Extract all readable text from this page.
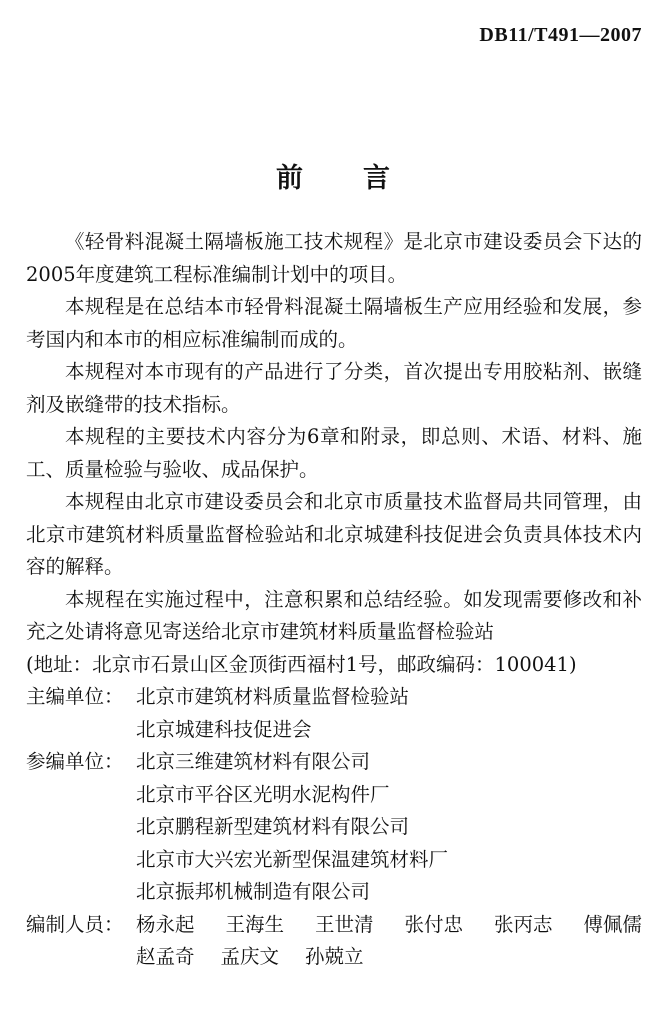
DB11/T491—2007
前言

《轻骨料混凝土隔墙板施工技术规程》是北京市建设委员会下达的2005年度建筑工程标准编制计划中的项目。

本规程是在总结本市轻骨料混凝土隔墙板生产应用经验和发展，参考国内和本市的相应标准编制而成的。

本规程对本市现有的产品进行了分类，首次提出专用胶粘剂、嵌缝剂及嵌缝带的技术指标。

本规程的主要技术内容分为6章和附录，即总则、术语、材料、施工、质量检验与验收、成品保护。

本规程由北京市建设委员会和北京市质量技术监督局共同管理，由北京市建筑材料质量监督检验站和北京城建科技促进会负责具体技术内容的解释。

本规程在实施过程中，注意积累和总结经验。如发现需要修改和补充之处请将意见寄送给北京市建筑材料质量监督检验站

(地址：北京市石景山区金顶街西福村1号，邮政编码：100041)

主编单位： 北京市建筑材料质量监督检验站
北京城建科技促进会
参编单位： 北京三维建筑材料有限公司
北京市平谷区光明水泥构件厂
北京鹏程新型建筑材料有限公司
北京市大兴宏光新型保温建筑材料厂
北京振邦机械制造有限公司
编制人员： 杨永起 王海生 王世清 张付忠 张丙志 傅佩儒
赵孟奇 孟庆文 孙兢立
